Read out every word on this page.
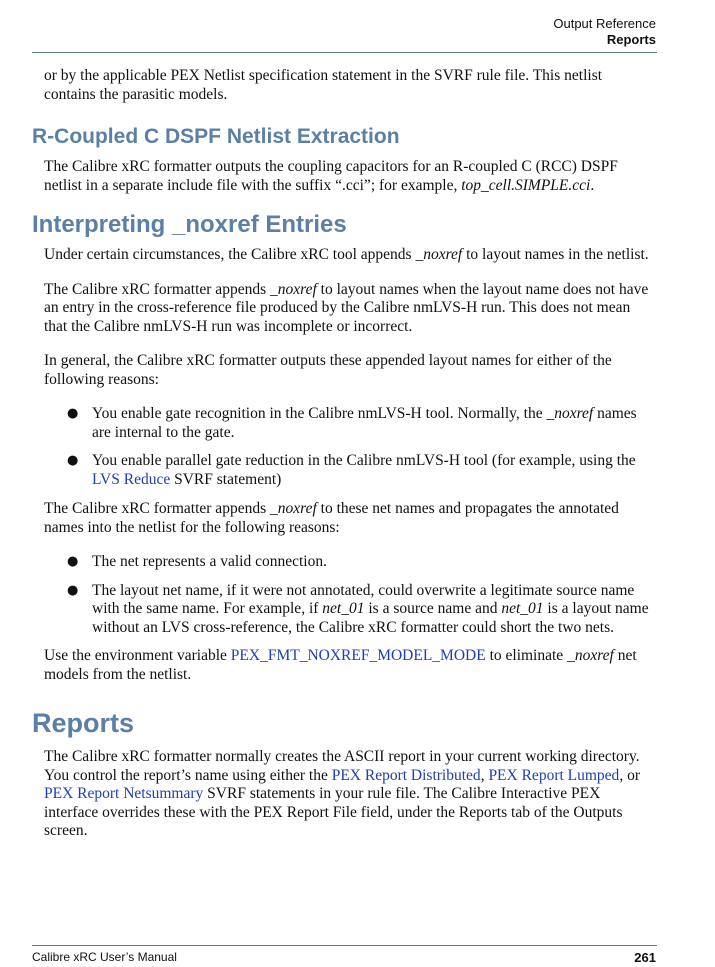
Output Reference
Reports

or by the applicable PEX Netlist specification statement in the SVRF rule file. This netlist contains the parasitic models.

R-Coupled C DSPF Netlist Extraction

The Calibre xRC formatter outputs the coupling capacitors for an R-coupled C (RCC) DSPF netlist in a separate include file with the suffix “.cci”; for example, top_cell.SIMPLE.cci.

Interpreting _noxref Entries

Under certain circumstances, the Calibre xRC tool appends _noxref to layout names in the netlist.

The Calibre xRC formatter appends _noxref to layout names when the layout name does not have an entry in the cross-reference file produced by the Calibre nmLVS-H run. This does not mean that the Calibre nmLVS-H run was incomplete or incorrect.

In general, the Calibre xRC formatter outputs these appended layout names for either of the following reasons:

● You enable gate recognition in the Calibre nmLVS-H tool. Normally, the _noxref names are internal to the gate.
● You enable parallel gate reduction in the Calibre nmLVS-H tool (for example, using the LVS Reduce SVRF statement)

The Calibre xRC formatter appends _noxref to these net names and propagates the annotated names into the netlist for the following reasons:

● The net represents a valid connection.
● The layout net name, if it were not annotated, could overwrite a legitimate source name with the same name. For example, if net_01 is a source name and net_01 is a layout name without an LVS cross-reference, the Calibre xRC formatter could short the two nets.

Use the environment variable PEX_FMT_NOXREF_MODEL_MODE to eliminate _noxref net models from the netlist.

Reports

The Calibre xRC formatter normally creates the ASCII report in your current working directory. You control the report’s name using either the PEX Report Distributed, PEX Report Lumped, or PEX Report Netsummary SVRF statements in your rule file. The Calibre Interactive PEX interface overrides these with the PEX Report File field, under the Reports tab of the Outputs screen.

Calibre xRC User’s Manual	261
